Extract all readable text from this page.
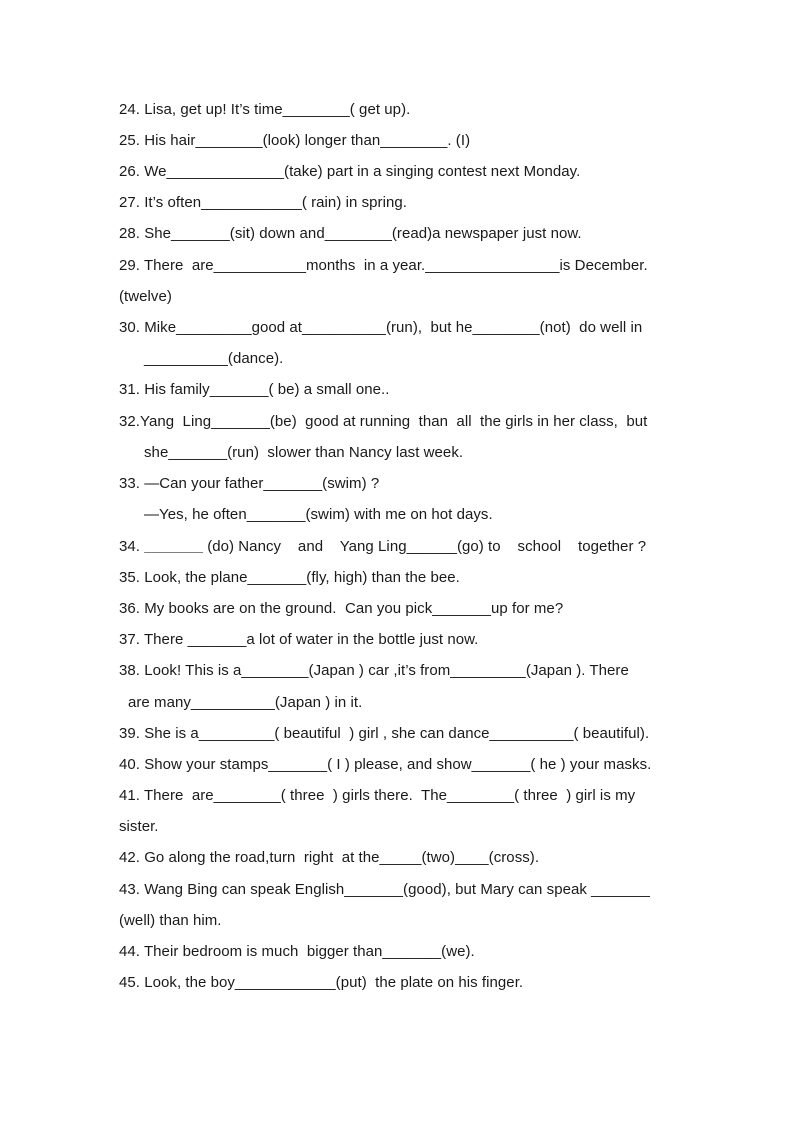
24. Lisa, get up! It’s time________( get up).
25. His hair________(look) longer than________. (I)
26. We______________(take) part in a singing contest next Monday.
27. It’s often____________( rain) in spring.
28. She_______(sit) down and________(read)a newspaper just now.
29. There  are___________months  in a year.________________is December.
(twelve)
30. Mike_________good at__________(run),  but he________(not)  do well in
__________(dance).
31. His family_______( be) a small one..
32.Yang  Ling_______(be)  good at running  than  all  the girls in her class,  but
she_______(run)  slower than Nancy last week.
33. —Can your father_______(swim) ?
—Yes, he often_______(swim) with me on hot days.
34. _______ (do) Nancy    and    Yang Ling______(go) to    school    together ?
35. Look, the plane_______(fly, high) than the bee.
36. My books are on the ground.  Can you pick_______up for me?
37. There _______a lot of water in the bottle just now.
38. Look! This is a________(Japan ) car ,it’s from_________(Japan ). There
are many__________(Japan ) in it.
39. She is a_________( beautiful  ) girl , she can dance__________( beautiful).
40. Show your stamps_______( I ) please, and show_______( he ) your masks.
41. There  are________( three  ) girls there.  The________( three  ) girl is my
sister.
42. Go along the road,turn  right  at the_____(two)____(cross).
43. Wang Bing can speak English_______(good), but Mary can speak _______
(well) than him.
44. Their bedroom is much  bigger than_______(we).
45. Look, the boy____________(put)  the plate on his finger.
